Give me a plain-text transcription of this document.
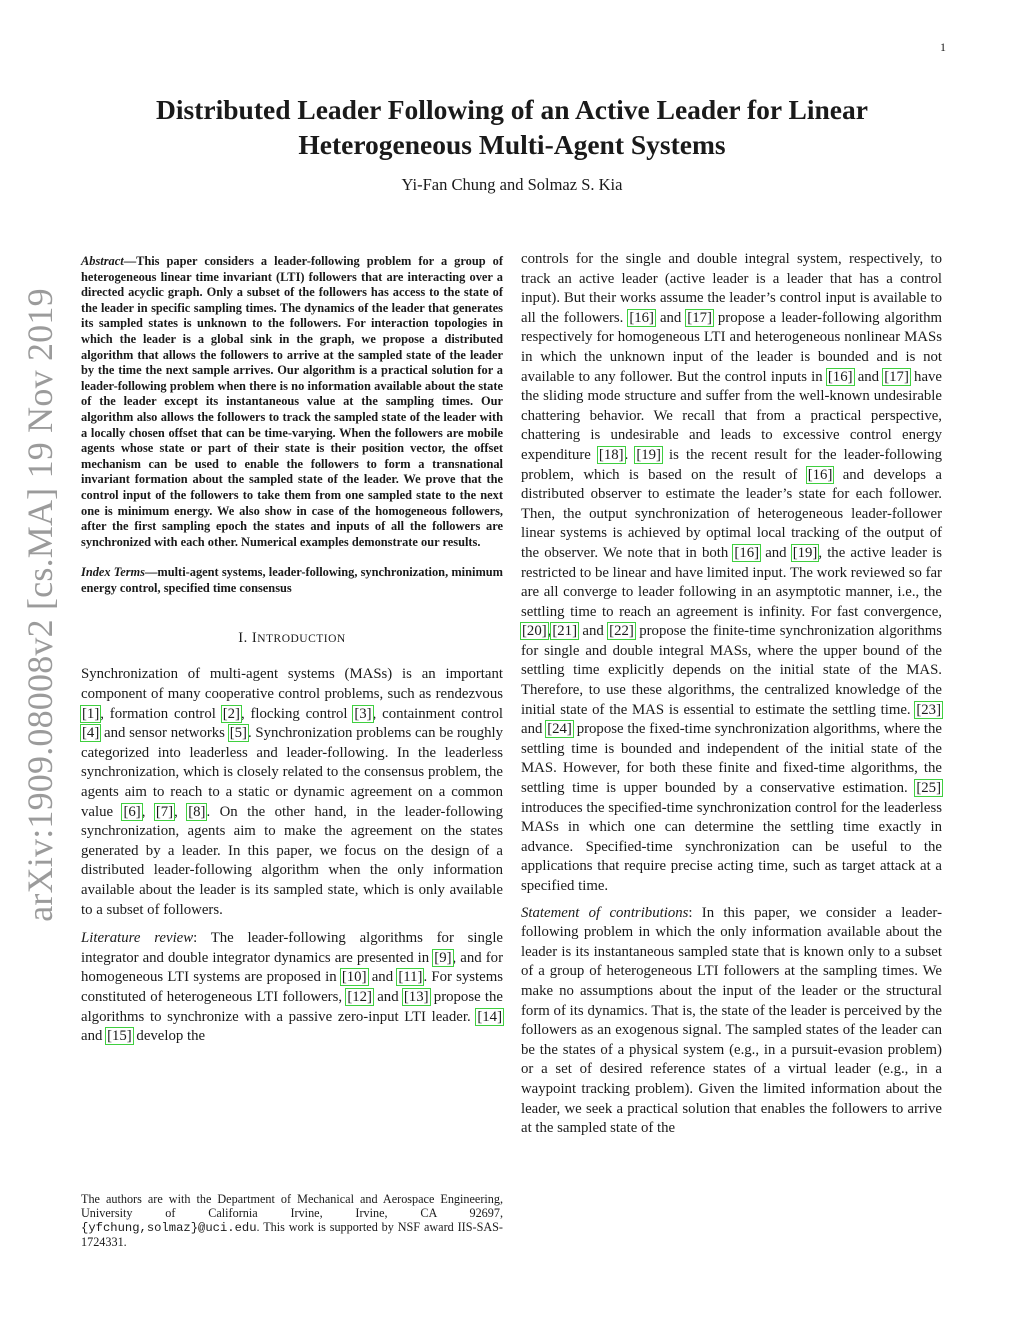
1
Distributed Leader Following of an Active Leader for Linear
Heterogeneous Multi-Agent Systems
Yi-Fan Chung and Solmaz S. Kia
arXiv:1909.08008v2 [cs.MA] 19 Nov 2019

Abstract—This paper considers a leader-following problem for a group of heterogeneous linear time invariant (LTI) followers that are interacting over a directed acyclic graph. Only a subset of the followers has access to the state of the leader in specific sampling times. The dynamics of the leader that generates its sampled states is unknown to the followers. For interaction topologies in which the leader is a global sink in the graph, we propose a distributed algorithm that allows the followers to arrive at the sampled state of the leader by the time the next sample arrives. Our algorithm is a practical solution for a leader-following problem when there is no information available about the state of the leader except its instantaneous value at the sampling times. Our algorithm also allows the followers to track the sampled state of the leader with a locally chosen offset that can be time-varying. When the followers are mobile agents whose state or part of their state is their position vector, the offset mechanism can be used to enable the followers to form a transnational invariant formation about the sampled state of the leader. We prove that the control input of the followers to take them from one sampled state to the next one is minimum energy. We also show in case of the homogeneous followers, after the first sampling epoch the states and inputs of all the followers are synchronized with each other. Numerical examples demonstrate our results.

Index Terms—multi-agent systems, leader-following, synchronization, minimum energy control, specified time consensus

I. INTRODUCTION

Synchronization of multi-agent systems (MASs) is an important component of many cooperative control problems, such as rendezvous [1], formation control [2], flocking control [3], containment control [4] and sensor networks [5]. Synchronization problems can be roughly categorized into leaderless and leader-following. In the leaderless synchronization, which is closely related to the consensus problem, the agents aim to reach to a static or dynamic agreement on a common value [6], [7], [8]. On the other hand, in the leader-following synchronization, agents aim to make the agreement on the states generated by a leader. In this paper, we focus on the design of a distributed leader-following algorithm when the only information available about the leader is its sampled state, which is only available to a subset of followers.

Literature review: The leader-following algorithms for single integrator and double integrator dynamics are presented in [9], and for homogeneous LTI systems are proposed in [10] and [11]. For systems constituted of heterogeneous LTI followers, [12] and [13] propose the algorithms to synchronize with a passive zero-input LTI leader. [14] and [15] develop the

The authors are with the Department of Mechanical and Aerospace Engineering, University of California Irvine, Irvine, CA 92697, {yfchung,solmaz}@uci.edu. This work is supported by NSF award IIS-SAS-1724331.

controls for the single and double integral system, respectively, to track an active leader (active leader is a leader that has a control input). But their works assume the leader’s control input is available to all the followers. [16] and [17] propose a leader-following algorithm respectively for homogeneous LTI and heterogeneous nonlinear MASs in which the unknown input of the leader is bounded and is not available to any follower. But the control inputs in [16] and [17] have the sliding mode structure and suffer from the well-known undesirable chattering behavior. We recall that from a practical perspective, chattering is undesirable and leads to excessive control energy expenditure [18]. [19] is the recent result for the leader-following problem, which is based on the result of [16] and develops a distributed observer to estimate the leader’s state for each follower. Then, the output synchronization of heterogeneous leader-follower linear systems is achieved by optimal local tracking of the output of the observer. We note that in both [16] and [19], the active leader is restricted to be linear and have limited input. The work reviewed so far are all converge to leader following in an asymptotic manner, i.e., the settling time to reach an agreement is infinity. For fast convergence, [20],[21] and [22] propose the finite-time synchronization algorithms for single and double integral MASs, where the upper bound of the settling time explicitly depends on the initial state of the MAS. Therefore, to use these algorithms, the centralized knowledge of the initial state of the MAS is essential to estimate the settling time. [23] and [24] propose the fixed-time synchronization algorithms, where the settling time is bounded and independent of the initial state of the MAS. However, for both these finite and fixed-time algorithms, the settling time is upper bounded by a conservative estimation. [25] introduces the specified-time synchronization control for the leaderless MASs in which one can determine the settling time exactly in advance. Specified-time synchronization can be useful to the applications that require precise acting time, such as target attack at a specified time.

Statement of contributions: In this paper, we consider a leader-following problem in which the only information available about the leader is its instantaneous sampled state that is known only to a subset of a group of heterogeneous LTI followers at the sampling times. We make no assumptions about the input of the leader or the structural form of its dynamics. That is, the state of the leader is perceived by the followers as an exogenous signal. The sampled states of the leader can be the states of a physical system (e.g., in a pursuit-evasion problem) or a set of desired reference states of a virtual leader (e.g., in a waypoint tracking problem). Given the limited information about the leader, we seek a practical solution that enables the followers to arrive at the sampled state of the
